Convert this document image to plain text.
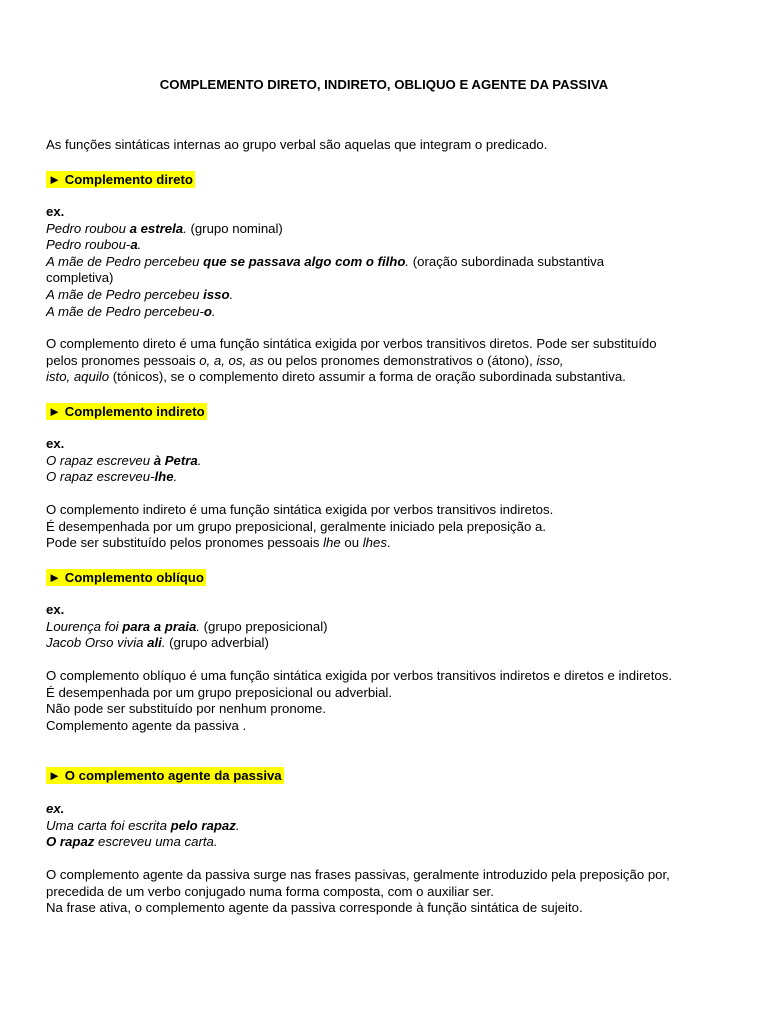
COMPLEMENTO DIRETO, INDIRETO, OBLIQUO E AGENTE DA PASSIVA
As funções sintáticas internas ao grupo verbal são aquelas que integram o predicado.
► Complemento direto
ex.
Pedro roubou a estrela. (grupo nominal)
Pedro roubou-a.
A mãe de Pedro percebeu que se passava algo com o filho. (oração subordinada substantiva
completiva)
A mãe de Pedro percebeu isso.
A mãe de Pedro percebeu-o.
O complemento direto é uma função sintática exigida por verbos transitivos diretos. Pode ser substituído
pelos pronomes pessoais o, a, os, as ou pelos pronomes demonstrativos o (átono), isso,
isto, aquilo (tónicos), se o complemento direto assumir a forma de oração subordinada substantiva.
► Complemento indireto
ex.
O rapaz escreveu à Petra.
O rapaz escreveu-lhe.
O complemento indireto é uma função sintática exigida por verbos transitivos indiretos.
É desempenhada por um grupo preposicional, geralmente iniciado pela preposição a.
Pode ser substituído pelos pronomes pessoais lhe ou lhes.
► Complemento oblíquo
ex.
Lourença foi para a praia. (grupo preposicional)
Jacob Orso vivia ali. (grupo adverbial)
O complemento oblíquo é uma função sintática exigida por verbos transitivos indiretos e diretos e indiretos.
É desempenhada por um grupo preposicional ou adverbial.
Não pode ser substituído por nenhum pronome.
Complemento agente da passiva .
► O complemento agente da passiva
ex.
Uma carta foi escrita pelo rapaz.
O rapaz escreveu uma carta.
O complemento agente da passiva surge nas frases passivas, geralmente introduzido pela preposição por,
precedida de um verbo conjugado numa forma composta, com o auxiliar ser.
Na frase ativa, o complemento agente da passiva corresponde à função sintática de sujeito.
